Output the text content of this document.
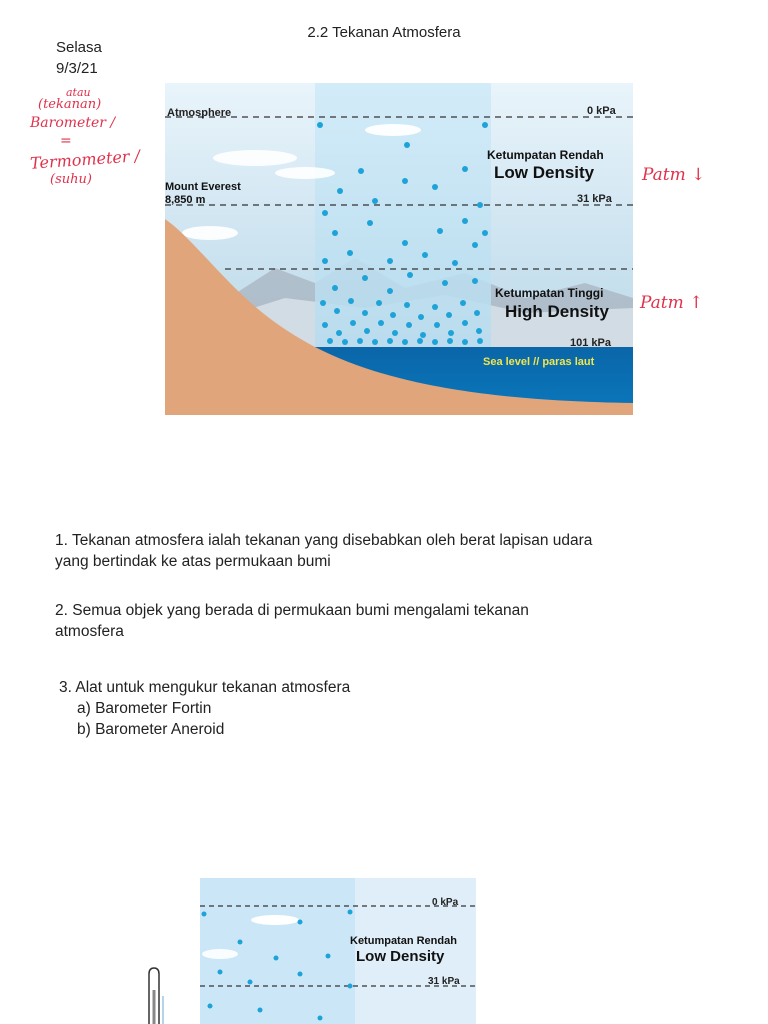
2.2 Tekanan Atmosfera
Selasa
9/3/21
atau
(tekanan)
Barometer /
=
Termometer /
(suhu)	Patm ↓
Patm ↑
Atmosphere	0 kPa
Ketumpatan Rendah
Low Density
Mount Everest
8,850 m	31 kPa
Ketumpatan Tinggi
High Density
101 kPa
Sea level // paras laut
1. Tekanan atmosfera ialah tekanan yang disebabkan oleh berat lapisan udara
yang bertindak ke atas permukaan bumi
2. Semua objek yang berada di permukaan bumi mengalami tekanan
atmosfera
3. Alat untuk mengukur tekanan atmosfera
a) Barometer Fortin
b) Barometer Aneroid
0 kPa
Ketumpatan Rendah
Low Density
31 kPa
